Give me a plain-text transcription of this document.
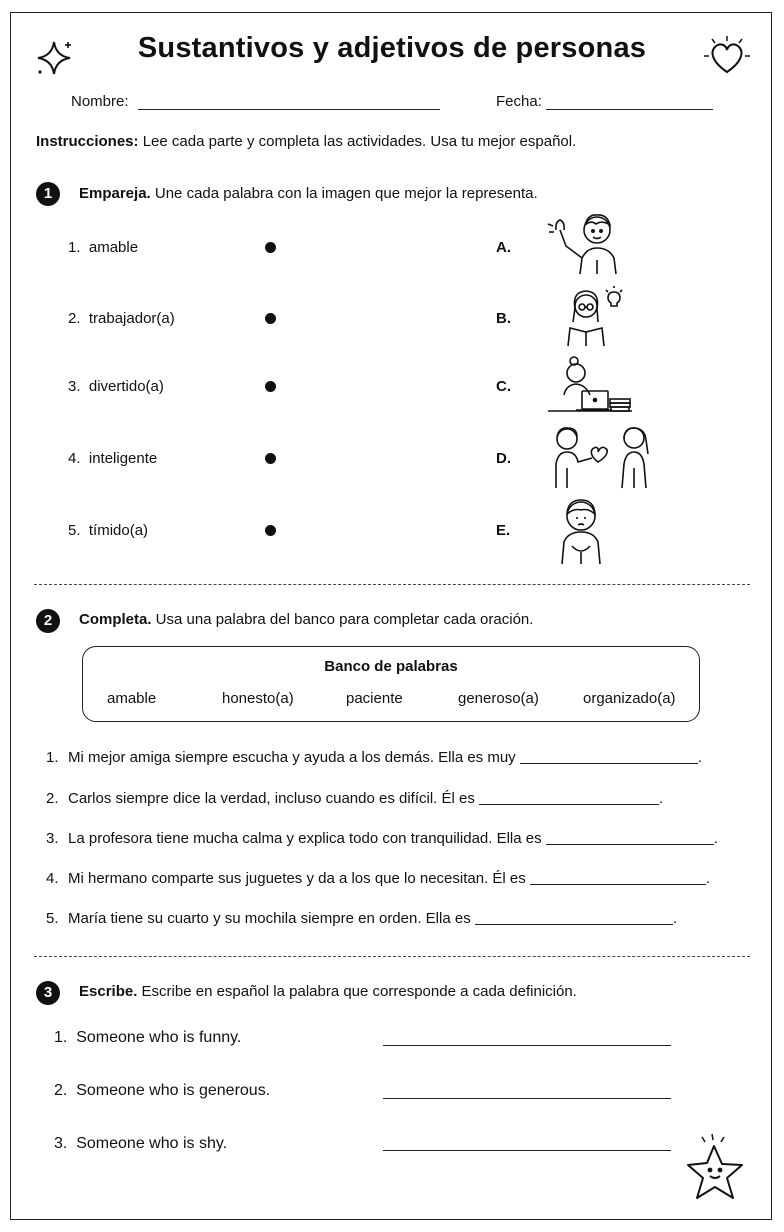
Sustantivos y adjetivos de personas
Nombre:	Fecha:
Instrucciones: Lee cada parte y completa las actividades. Usa tu mejor español.
1	Empareja. Une cada palabra con la imagen que mejor la representa.
1. amable	A.
2. trabajador(a)	B.
3. divertido(a)	C.
4. inteligente	D.
5. tímido(a)	E.
2	Completa. Usa una palabra del banco para completar cada oración.
Banco de palabras
amable	honesto(a)	paciente	generoso(a)	organizado(a)
1. Mi mejor amiga siempre escucha y ayuda a los demás. Ella es muy	.
2. Carlos siempre dice la verdad, incluso cuando es difícil. Él es	.
3. La profesora tiene mucha calma y explica todo con tranquilidad. Ella es	.
4. Mi hermano comparte sus juguetes y da a los que lo necesitan. Él es	.
5. María tiene su cuarto y su mochila siempre en orden. Ella es	.
3	Escribe. Escribe en español la palabra que corresponde a cada definición.
1. Someone who is funny.
2. Someone who is generous.
3. Someone who is shy.
